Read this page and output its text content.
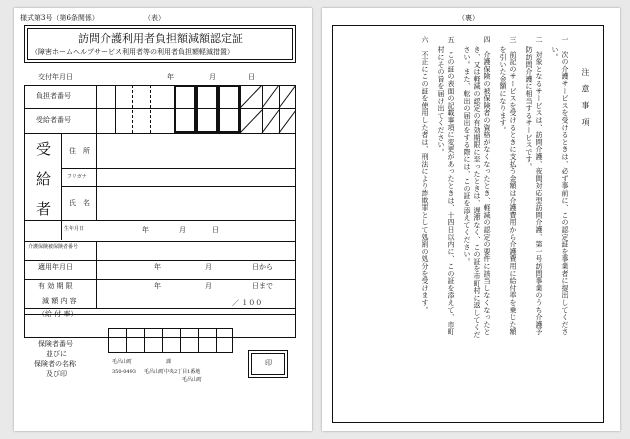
様式第3号（第6条関係）	（表）
訪問介護利用者負担額減額認定証
（障害ホームヘルプサービス利用者等の利用者負担額軽減措置）
交付年月日	年	月	日
負担者番号
受給者番号
受
給
者
住　所
フリガナ
氏　名
生年月日	年	月	日
介護保険被保険者番号
適用年月日	年	月	日から
有 効 期 限	年	月	日まで
減 額 内 容
（給 付 率）
／ １００
保険者番号
並びに
保険者の名称
及び印
毛呂山町	課
350-0493 毛呂山町中央2丁目1番地
毛呂山町
印
（裏）
注　意　事　項
一　次の介護サービスを受けるときは、必ず事前に、この認定証を事業者に提出してくださ
い。
二　対象となるサービスは、訪問介護、夜間対応型訪問介護、第一号訪問事業のうち介護予
防訪問介護に相当するサービスです。
三　前記のサービスを受けるときに支払う金額は介護費用から介護費用に給付率を乗じた額
を引いた金額になります。
四　介護保険の被保険者の資格がなくなったとき、軽減の認定の要件に該当しなくなったと
き、又は軽減の認定の有効期限に至ったときは、遅滞なく、この証を市町村に返してくだ
さい。また、転出の届出をする際には、この証を添えてください。
五　この証の表面の記載事項に変更があったときは、十四日以内に、この証を添えて、市町
村にその旨を届け出てください。
六　不正にこの証を使用した者は、刑法により詐欺罪として処罰の処分を受けます。
